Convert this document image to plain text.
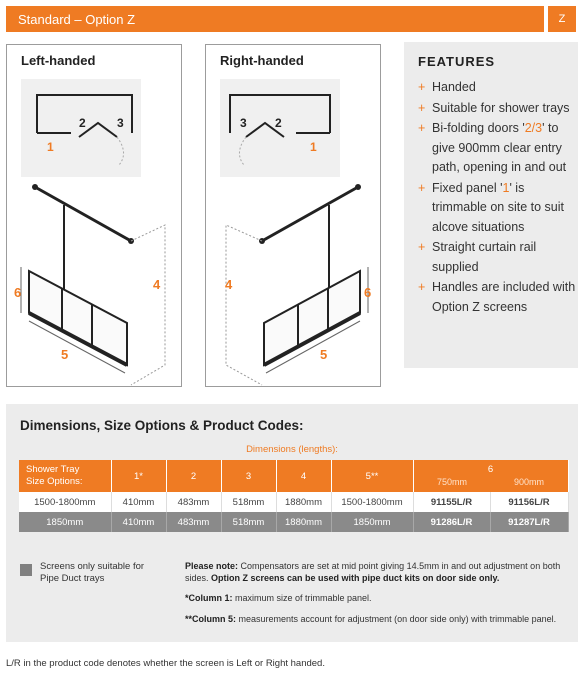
Standard – Option Z	Z
Left-handed
1
2	3
6
4
5
Right-handed
3 2
1
4
6
5
FEATURES
+ Handed
+ Suitable for shower trays
+ Bi-folding doors '2/3' to give 900mm clear entry path, opening in and out
+ Fixed panel '1' is trimmable on site to suit alcove situations
+ Straight curtain rail supplied
+ Handles are included with Option Z screens
Dimensions, Size Options & Product Codes:
Dimensions (lengths):
Shower Tray
Size Options:	1*	2	3	4	5**	6
750mm 900mm	

1500-1800mm	410mm	483mm	518mm	1880mm	1500-1800mm	91155L/R	91156L/R
1850mm	410mm	483mm	518mm	1880mm	1850mm	91286L/R	91287L/R
Screens only suitable for Pipe Duct trays

Please note: Compensators are set at mid point giving 14.5mm in and out adjustment on both sides. Option Z screens can be used with pipe duct kits on door side only.

*Column 1: maximum size of trimmable panel.

**Column 5: measurements account for adjustment (on door side only) with trimmable panel.

L/R in the product code denotes whether the screen is Left or Right handed.
